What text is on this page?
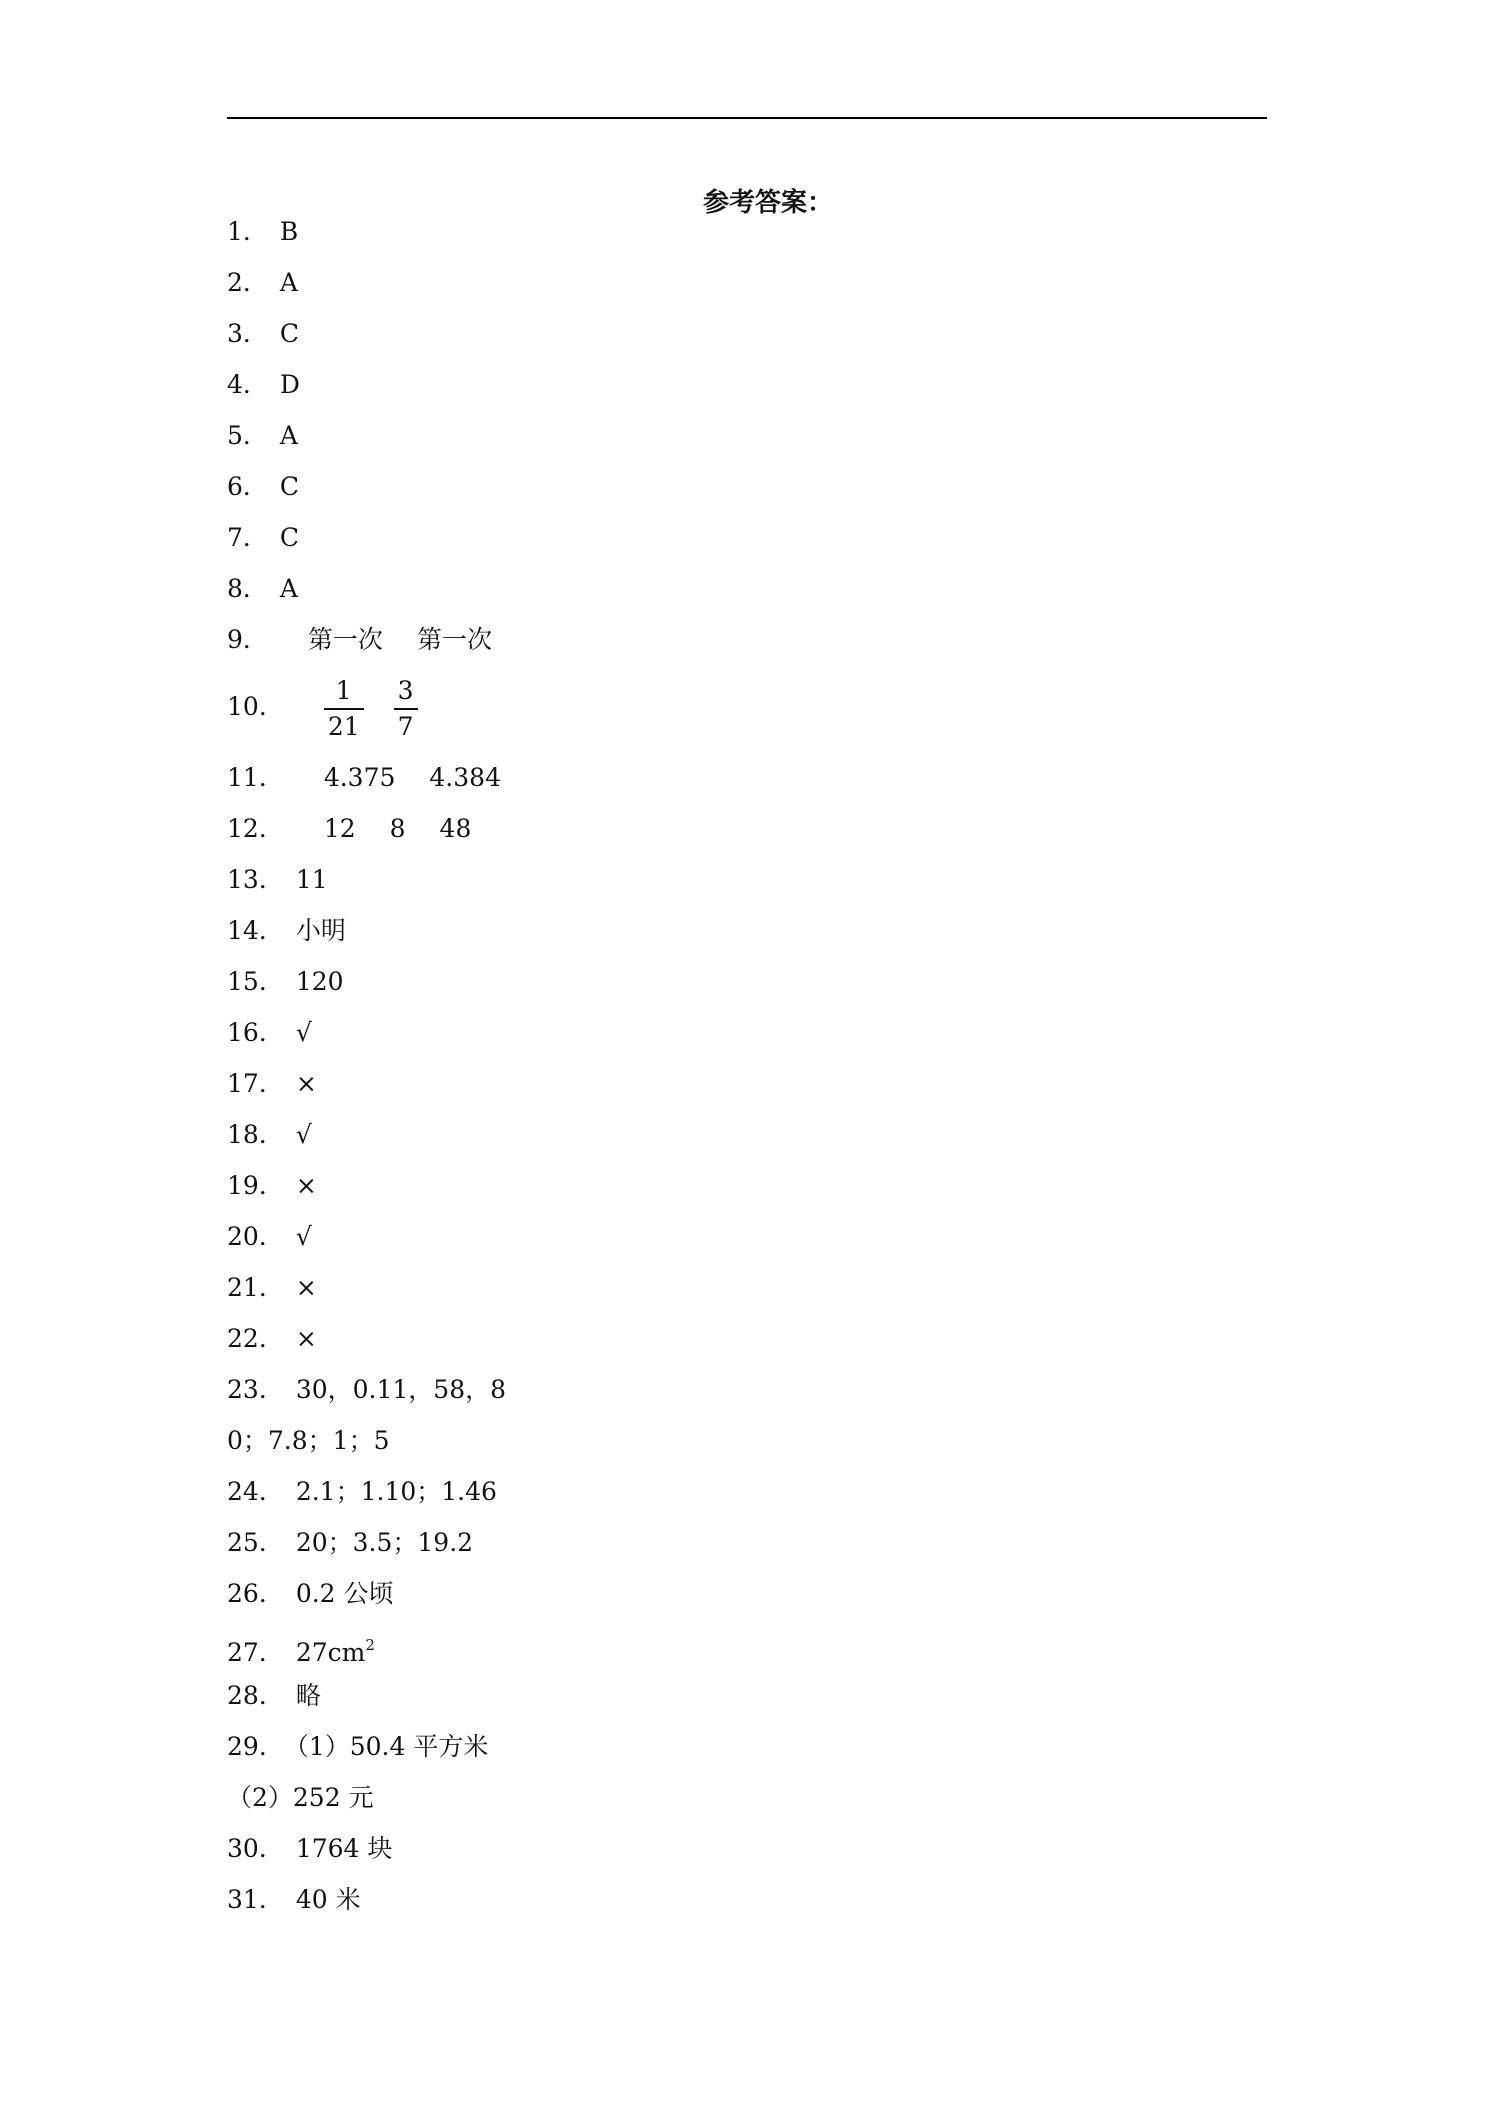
参考答案：
1． B
2． A
3． C
4． D
5． A
6． C
7． C
8． A
9． 第一次 第一次
10． $\frac{1}{21} \frac{3}{7}$
11． 4.375 4.384
12． 12 8 48
13． 11
14． 小明
15． 120
16． √
17． ×
18． √
19． ×
20． √
21． ×
22． ×
23． 30，0.11，58，8
0；7.8；1；5
24． 2.1；1.10；1.46
25． 20；3.5；19.2
26． 0.2 公顷
27． $27cm^2$
28． 略
29．（1）50.4 平方米
（2）252 元
30． 1764 块
31． 40 米
